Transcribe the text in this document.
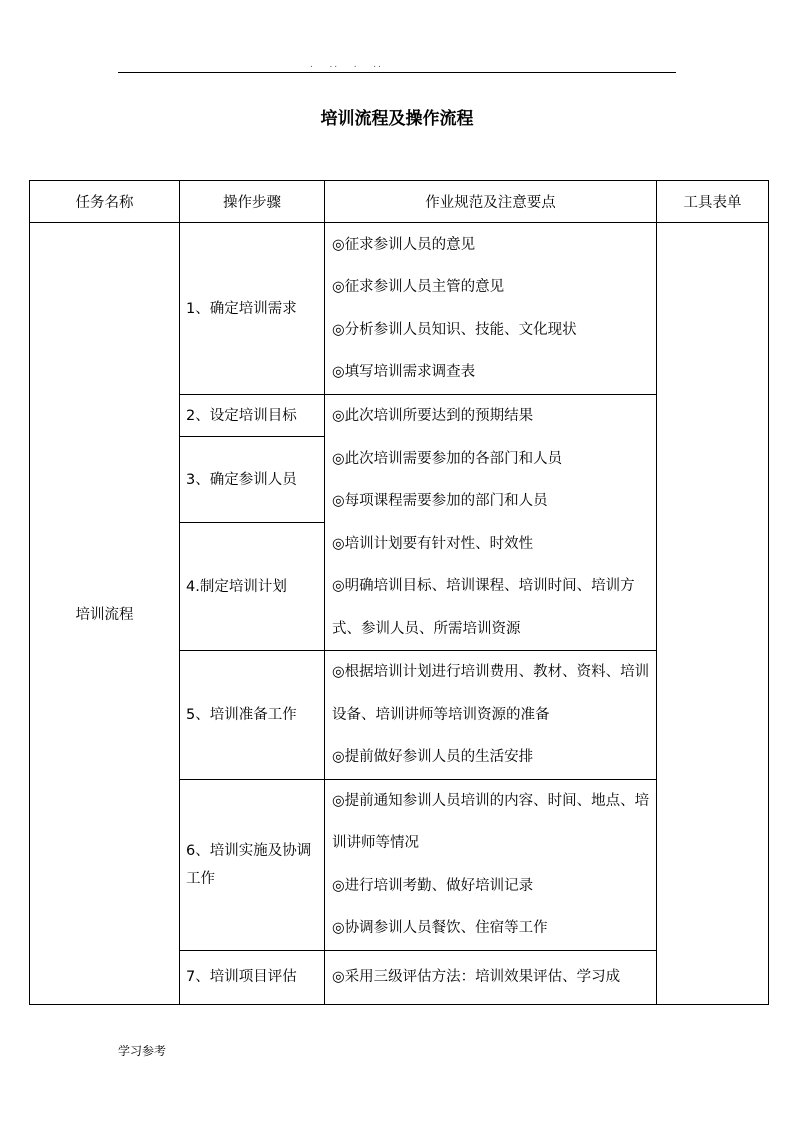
.   ..   .   ..
培训流程及操作流程
任务名称	操作步骤	作业规范及注意要点	工具表单
培训流程	1、确定培训需求	◎征求参训人员的意见
◎征求参训人员主管的意见
◎分析参训人员知识、技能、文化现状
◎填写培训需求调查表	

	2、设定培训目标	◎此次培训所要达到的预期结果
◎此次培训需要参加的各部门和人员
◎每项课程需要参加的部门和人员
◎培训计划要有针对性、时效性
◎明确培训目标、培训课程、培训时间、培训方式、参训人员、所需培训资源	

	3、确定参训人员		
	4.制定培训计划		
	5、培训准备工作	◎根据培训计划进行培训费用、教材、资料、培训设备、培训讲师等培训资源的准备
◎提前做好参训人员的生活安排	

	6、培训实施及协调工作	◎提前通知参训人员培训的内容、时间、地点、培训讲师等情况
◎进行培训考勤、做好培训记录
◎协调参训人员餐饮、住宿等工作	

	7、培训项目评估	◎采用三级评估方法：培训效果评估、学习成	
学习参考
